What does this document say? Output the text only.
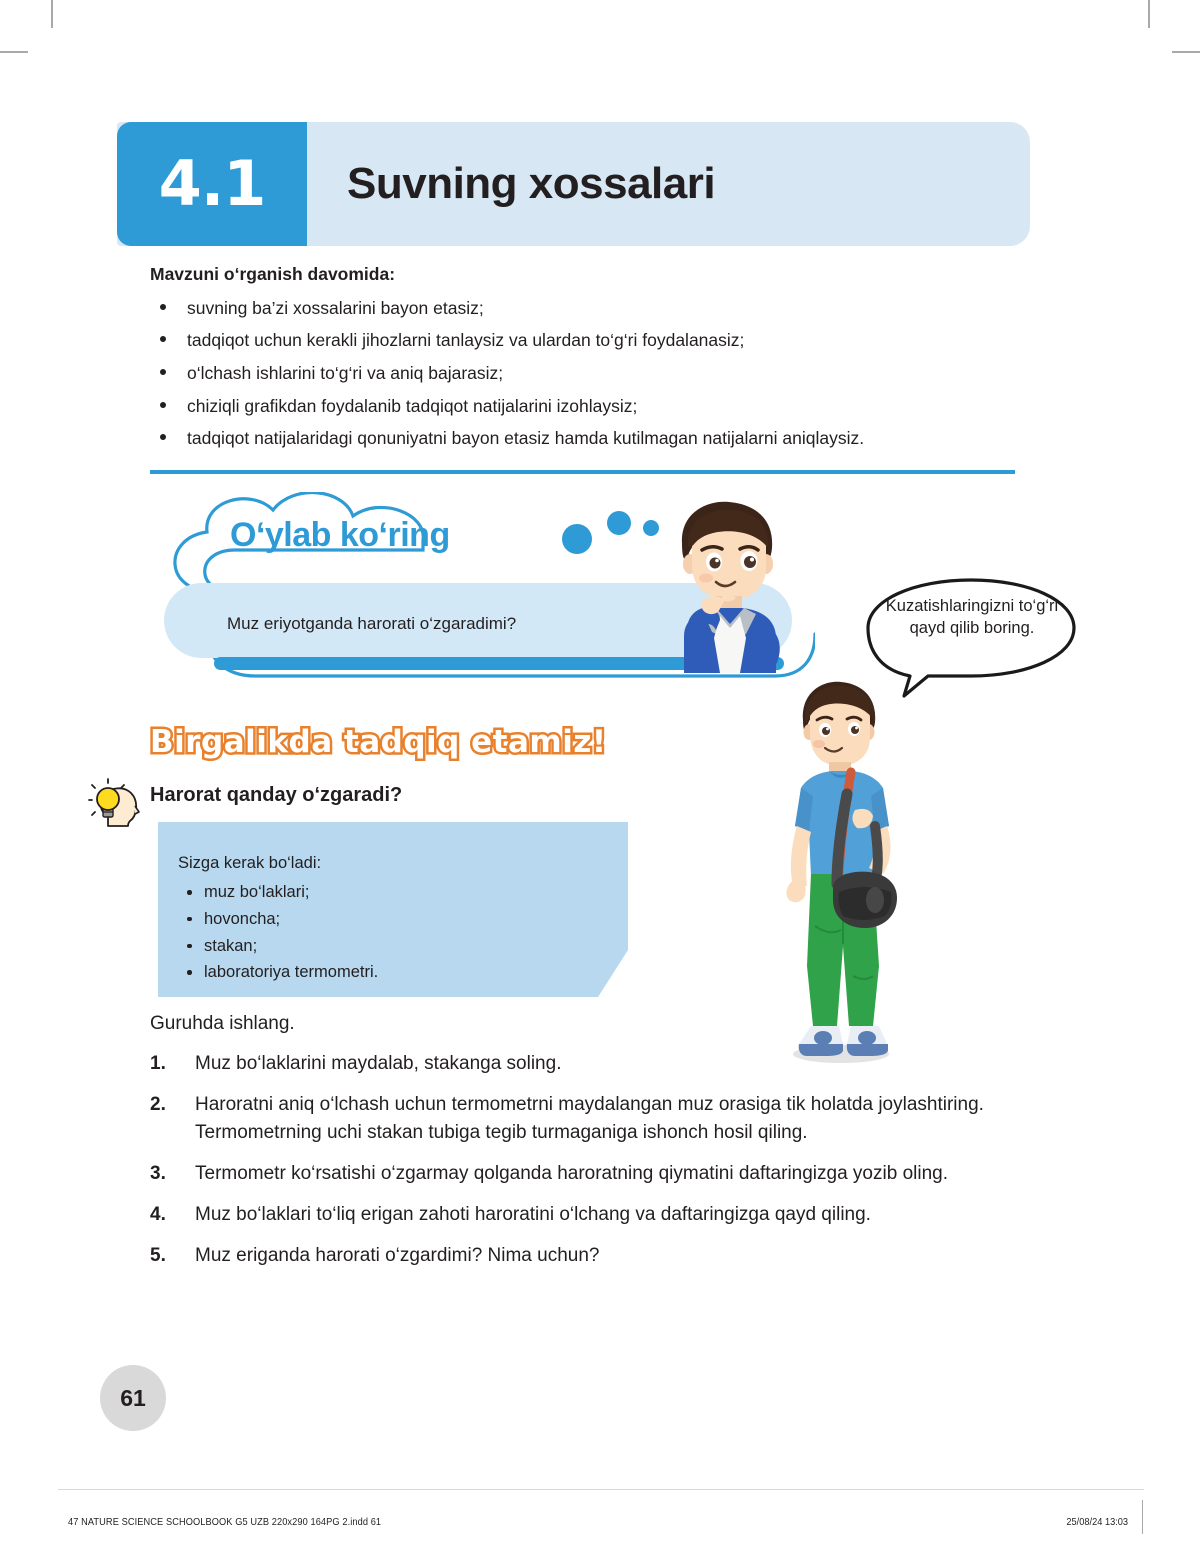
4.1 Suvning xossalari

Mavzuni o‘rganish davomida:

suvning ba’zi xossalarini bayon etasiz;
tadqiqot uchun kerakli jihozlarni tanlaysiz va ulardan to‘g‘ri foydalanasiz;
o‘lchash ishlarini to‘g‘ri va aniq bajarasiz;
chiziqli grafikdan foydalanib tadqiqot natijalarini izohlaysiz;
tadqiqot natijalaridagi qonuniyatni bayon etasiz hamda kutilmagan natijalarni aniqlaysiz.
O‘ylab ko‘ring
Muz eriyotganda harorati o‘zgaradimi?
Kuzatishlaringizni to‘g‘ri qayd qilib boring.
Birgalikda tadqiq etamiz!
Harorat qanday o‘zgaradi?

Sizga kerak bo‘ladi:

muz bo‘laklari;
hovoncha;
stakan;
laboratoriya termometri.
Guruhda ishlang.
1.	Muz bo‘laklarini maydalab, stakanga soling.
2.	Haroratni aniq o‘lchash uchun termometrni maydalangan muz orasiga tik holatda joylashtiring. Termometrning uchi stakan tubiga tegib turmaganiga ishonch hosil qiling.
3.	Termometr ko‘rsatishi o‘zgarmay qolganda haroratning qiymatini daftaringizga yozib oling.
4.	Muz bo‘laklari to‘liq erigan zahoti haroratini o‘lchang va daftaringizga qayd qiling.
5.	Muz eriganda harorati o‘zgardimi? Nima uchun?
61
47 NATURE SCIENCE SCHOOLBOOK G5 UZB 220x290 164PG 2.indd 61	25/08/24 13:03
